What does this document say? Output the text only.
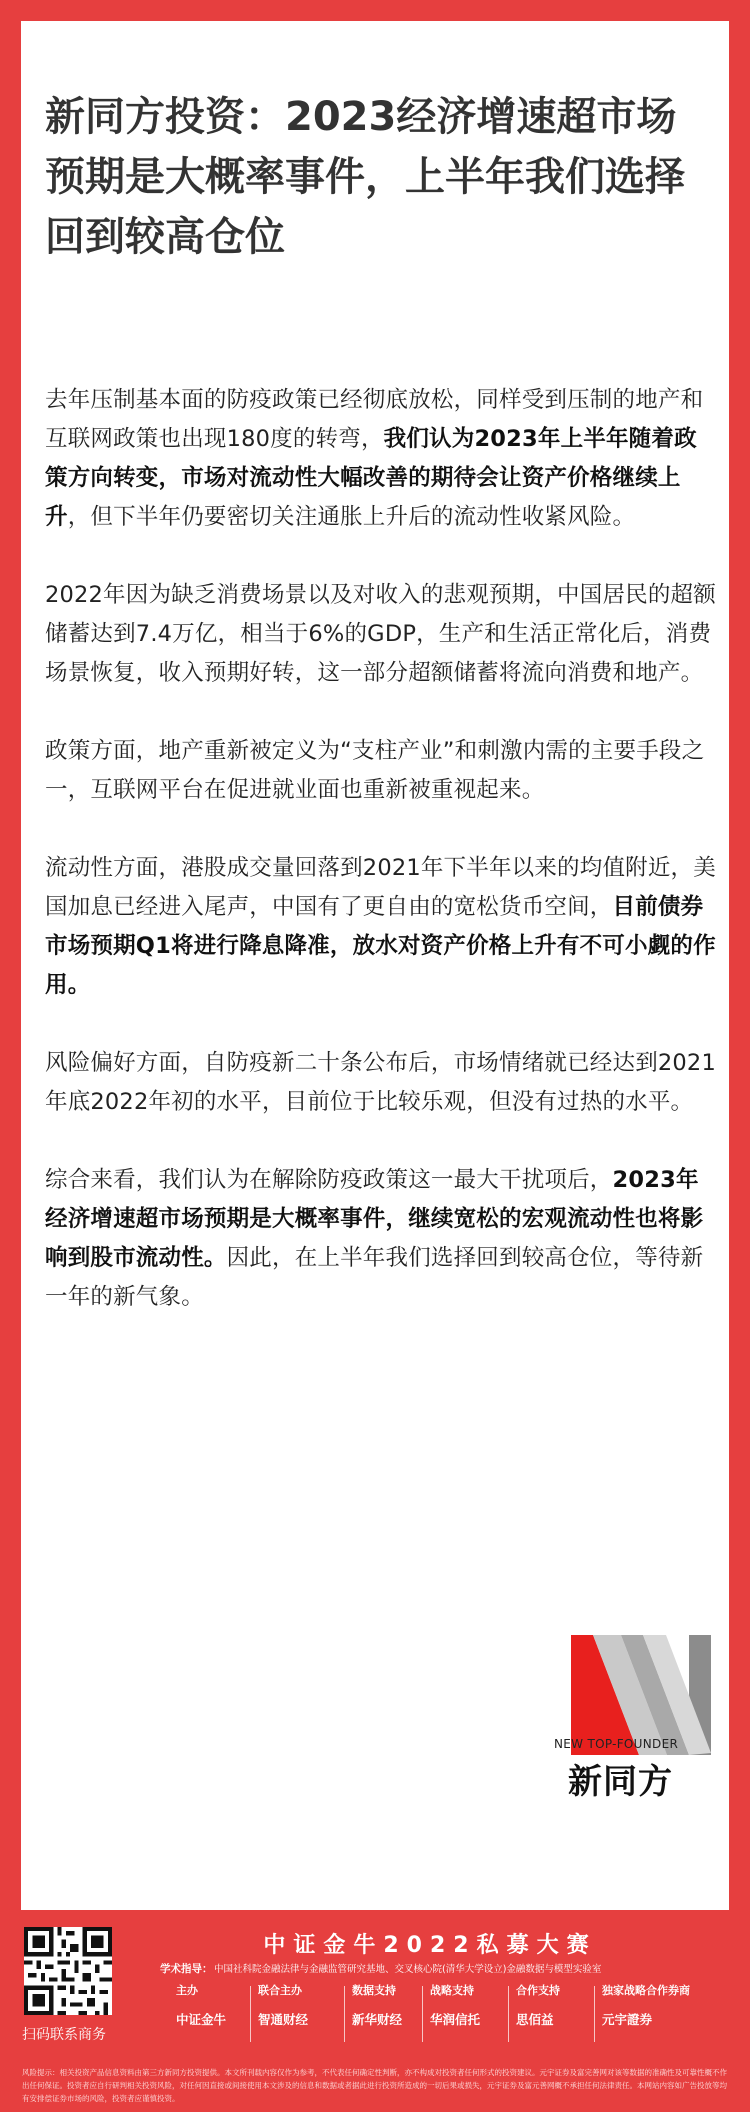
新同方投资：2023经济增速超市场预期是大概率事件，上半年我们选择回到较高仓位

去年压制基本面的防疫政策已经彻底放松，同样受到压制的地产和互联网政策也出现180度的转弯，我们认为2023年上半年随着政策方向转变，市场对流动性大幅改善的期待会让资产价格继续上升，但下半年仍要密切关注通胀上升后的流动性收紧风险。

2022年因为缺乏消费场景以及对收入的悲观预期，中国居民的超额储蓄达到7.4万亿，相当于6%的GDP，生产和生活正常化后，消费场景恢复，收入预期好转，这一部分超额储蓄将流向消费和地产。

政策方面，地产重新被定义为“支柱产业”和刺激内需的主要手段之一，互联网平台在促进就业面也重新被重视起来。

流动性方面，港股成交量回落到2021年下半年以来的均值附近，美国加息已经进入尾声，中国有了更自由的宽松货币空间，目前债券市场预期Q1将进行降息降准，放水对资产价格上升有不可小觑的作用。

风险偏好方面，自防疫新二十条公布后，市场情绪就已经达到2021年底2022年初的水平，目前位于比较乐观，但没有过热的水平。

综合来看，我们认为在解除防疫政策这一最大干扰项后，2023年经济增速超市场预期是大概率事件，继续宽松的宏观流动性也将影响到股市流动性。因此，在上半年我们选择回到较高仓位，等待新一年的新气象。

NEW TOP-FOUNDER
新同方
扫码联系商务
中证金牛2022私募大赛
学术指导： 中国社科院金融法律与金融监管研究基地、交叉核心院(清华大学设立)金融数据与模型实验室
主办
中证金牛
联合主办
智通财经
数据支持
新华财经
战略支持
华润信托
合作支持
思佰益
独家战略合作券商
元宇證券
风险提示：相关投资产品信息资料由第三方新同方投资提供。本文所刊载内容仅作为参考，不代表任何确定性判断，亦不构成对投资者任何形式的投资建议。元宇证券及富完善网对该等数据的准确性及可靠性概不作出任何保证。投资者应自行研判相关投资风险，对任何因直接或间接使用本文涉及的信息和数据或者据此进行投资所造成的一切后果或损失，元宇证券及富元善网概不承担任何法律责任。本网站内容如广告投放等均有安排偿证券市场的风险，投资者应谨慎投资。
